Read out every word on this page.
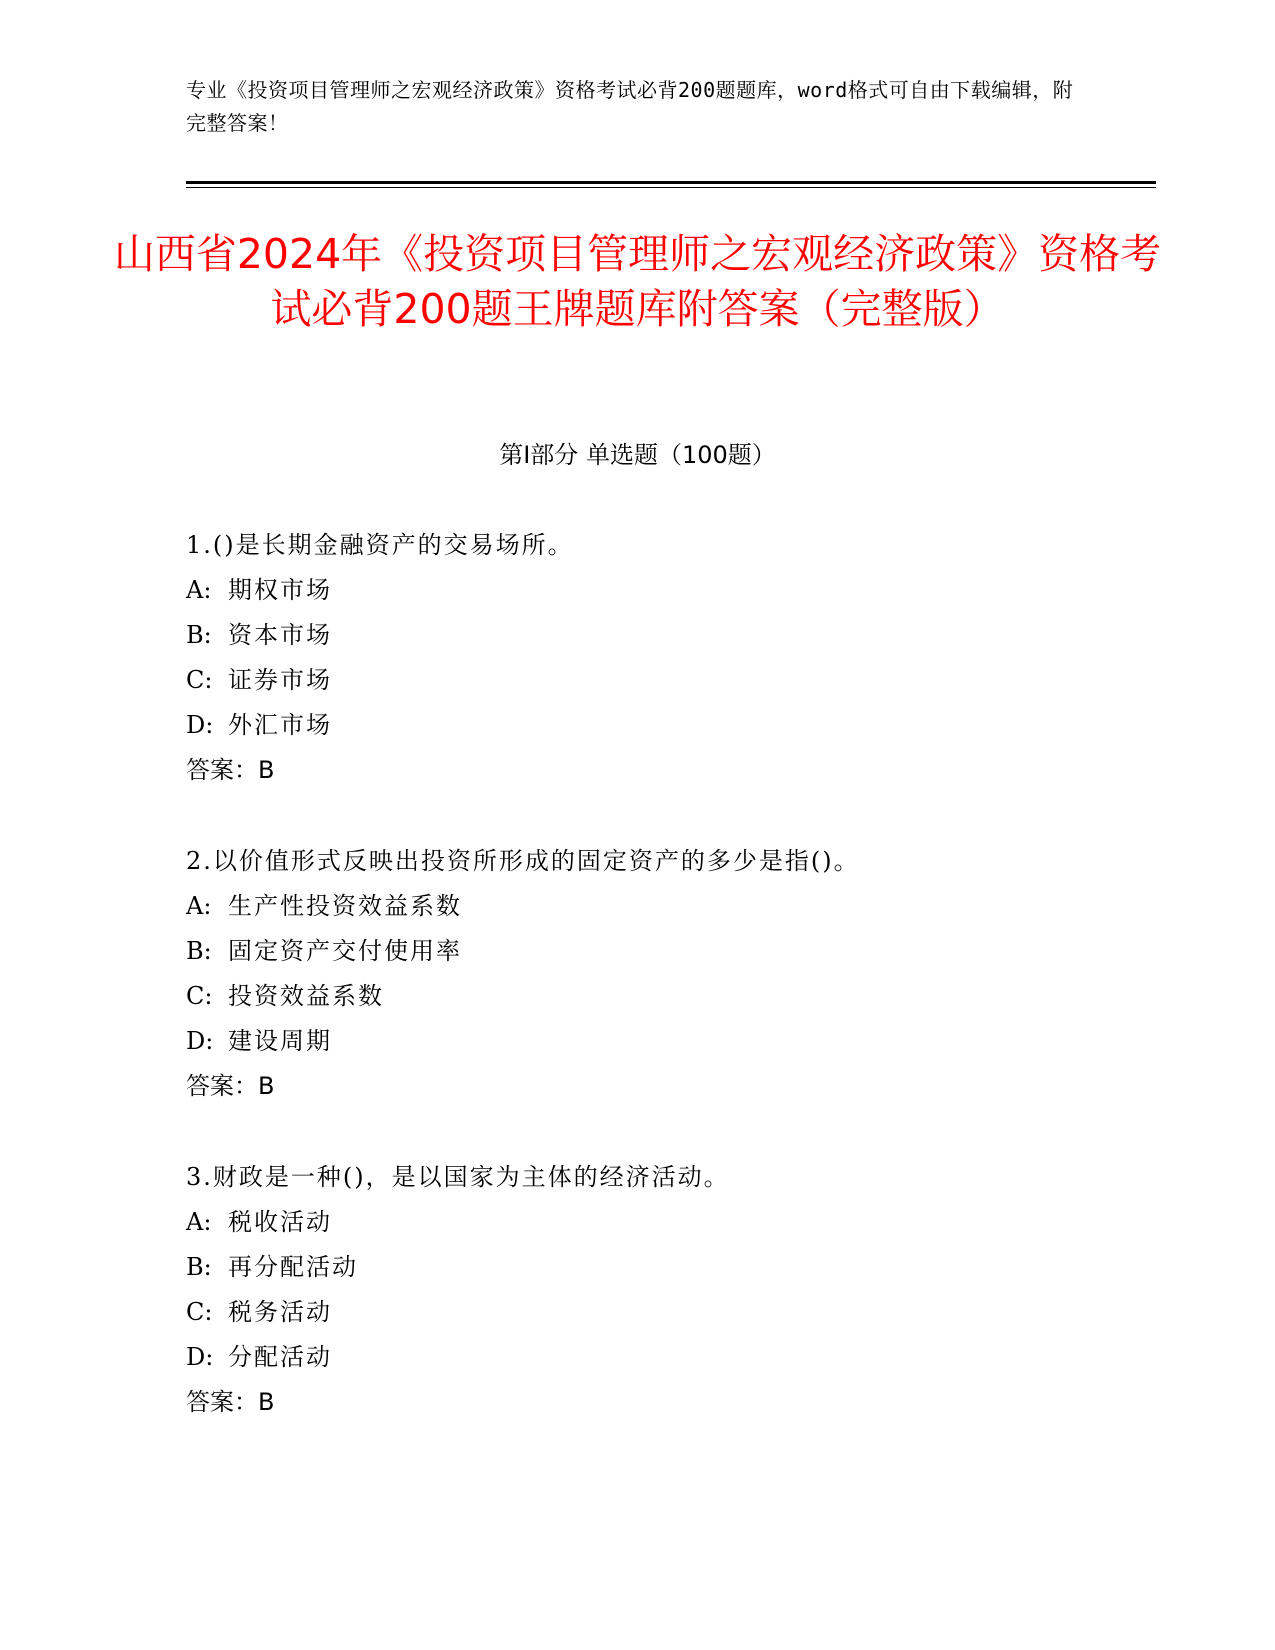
专业《投资项目管理师之宏观经济政策》资格考试必背200题题库，word格式可自由下载编辑，附完整答案！
山西省2024年《投资项目管理师之宏观经济政策》资格考试必背200题王牌题库附答案（完整版）
第Ⅰ部分 单选题（100题）
1.()是长期金融资产的交易场所。
A: 期权市场
B: 资本市场
C: 证券市场
D: 外汇市场
答案：B
2.以价值形式反映出投资所形成的固定资产的多少是指()。
A: 生产性投资效益系数
B: 固定资产交付使用率
C: 投资效益系数
D: 建设周期
答案：B
3.财政是一种()，是以国家为主体的经济活动。
A: 税收活动
B: 再分配活动
C: 税务活动
D: 分配活动
答案：B
